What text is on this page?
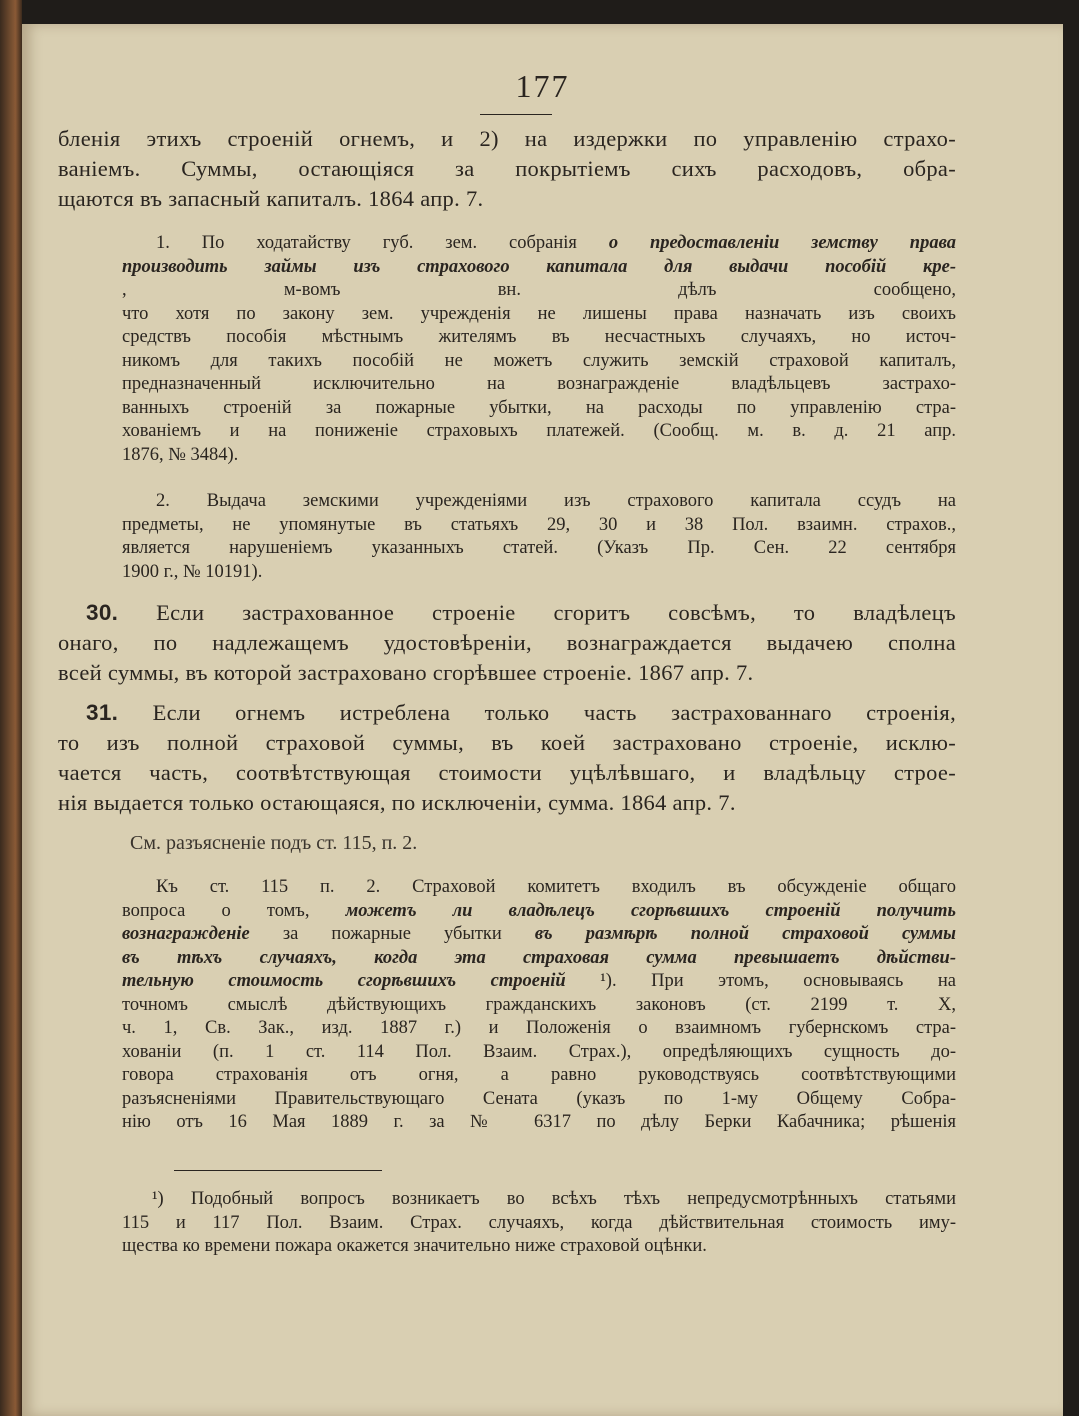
177
бленія этихъ строеній огнемъ, и 2) на издержки по управленію страхо-
ваніемъ. Суммы, остающіяся за покрытіемъ сихъ расходовъ, обра-
щаются въ запасный капиталъ. 1864 апр. 7.
1. По ходатайству губ. зем. собранія о предоставленіи земству права
производить займы изъ страхового капитала для выдачи пособій кре-
, м-вомъ вн. дѣлъ сообщено,
что хотя по закону зем. учрежденія не лишены права назначать изъ своихъ
средствъ пособія мѣстнымъ жителямъ въ несчастныхъ случаяхъ, но источ-
никомъ для такихъ пособій не можетъ служить земскій страховой капиталъ,
предназначенный исключительно на вознагражденіе владѣльцевъ застрахо-
ванныхъ строеній за пожарные убытки, на расходы по управленію стра-
хованіемъ и на пониженіе страховыхъ платежей. (Сообщ. м. в. д. 21 апр.
1876, № 3484).
2. Выдача земскими учрежденіями изъ страхового капитала ссудъ на
предметы, не упомянутые въ статьяхъ 29, 30 и 38 Пол. взаимн. страхов.,
является нарушеніемъ указанныхъ статей. (Указъ Пр. Сен. 22 сентября
1900 г., № 10191).
30. Если застрахованное строеніе сгоритъ совсѣмъ, то владѣлецъ
онаго, по надлежащемъ удостовѣреніи, вознаграждается выдачею сполна
всей суммы, въ которой застраховано сгорѣвшее строеніе. 1867 апр. 7.
31. Если огнемъ истреблена только часть застрахованнаго строенія,
то изъ полной страховой суммы, въ коей застраховано строеніе, исклю-
чается часть, соотвѣтствующая стоимости уцѣлѣвшаго, и владѣльцу строе-
нія выдается только остающаяся, по исключеніи, сумма. 1864 апр. 7.
См. разъясненіе подъ ст. 115, п. 2.
Къ ст. 115 п. 2. Страховой комитетъ входилъ въ обсужденіе общаго
вопроса о томъ, можетъ ли владѣлецъ сгорѣвшихъ строеній получить
вознагражденіе за пожарные убытки въ размѣрѣ полной страховой суммы
въ тѣхъ случаяхъ, когда эта страховая сумма превышаетъ дѣйстви-
тельную стоимость сгорѣвшихъ строеній ¹). При этомъ, основываясь на
точномъ смыслѣ дѣйствующихъ гражданскихъ законовъ (ст. 2199 т. X,
ч. 1, Св. Зак., изд. 1887 г.) и Положенія о взаимномъ губернскомъ стра-
хованіи (п. 1 ст. 114 Пол. Взаим. Страх.), опредѣляющихъ сущность до-
говора страхованія отъ огня, а равно руководствуясь соотвѣтствующими
разъясненіями Правительствующаго Сената (указъ по 1-му Общему Собра-
нію отъ 16 Мая 1889 г. за № 6317 по дѣлу Берки Кабачника; рѣшенія
¹) Подобный вопросъ возникаетъ во всѣхъ тѣхъ непредусмотрѣнныхъ статьями
115 и 117 Пол. Взаим. Страх. случаяхъ, когда дѣйствительная стоимость иму-
щества ко времени пожара окажется значительно ниже страховой оцѣнки.
